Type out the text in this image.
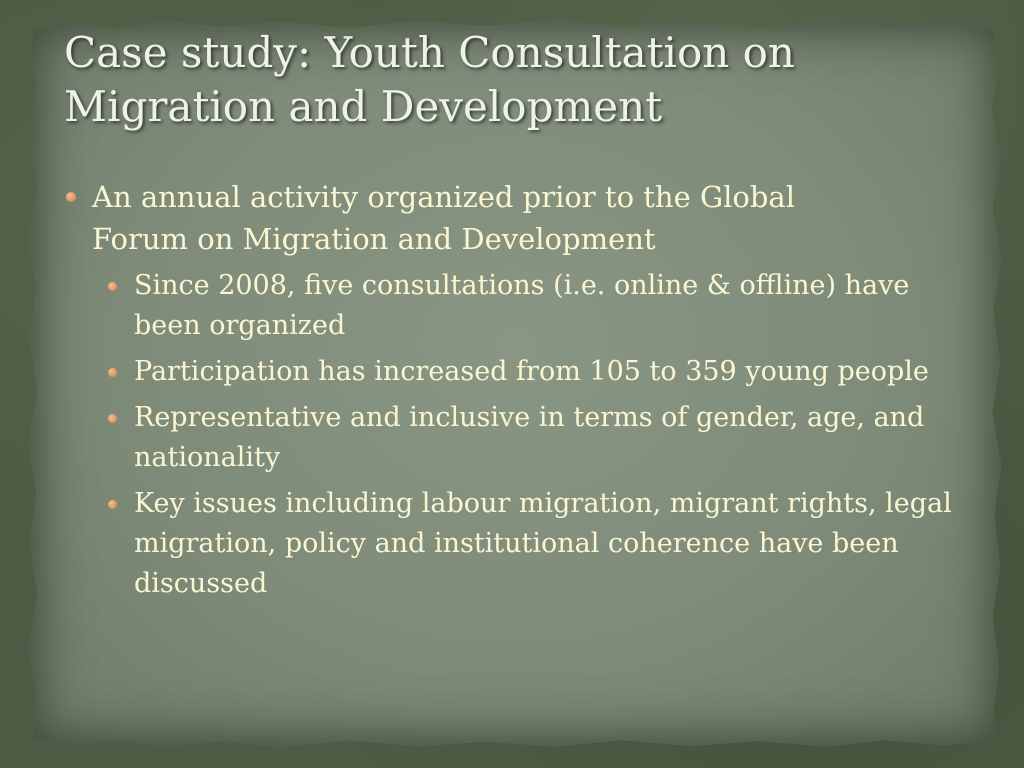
Case study: Youth Consultation on Migration and Development
An annual activity organized prior to the Global Forum on Migration and Development
Since 2008, five consultations (i.e. online & offline) have been organized
Participation has increased from 105 to 359 young people
Representative and inclusive in terms of gender, age, and nationality
Key issues including labour migration, migrant rights, legal migration, policy and institutional coherence have been discussed
